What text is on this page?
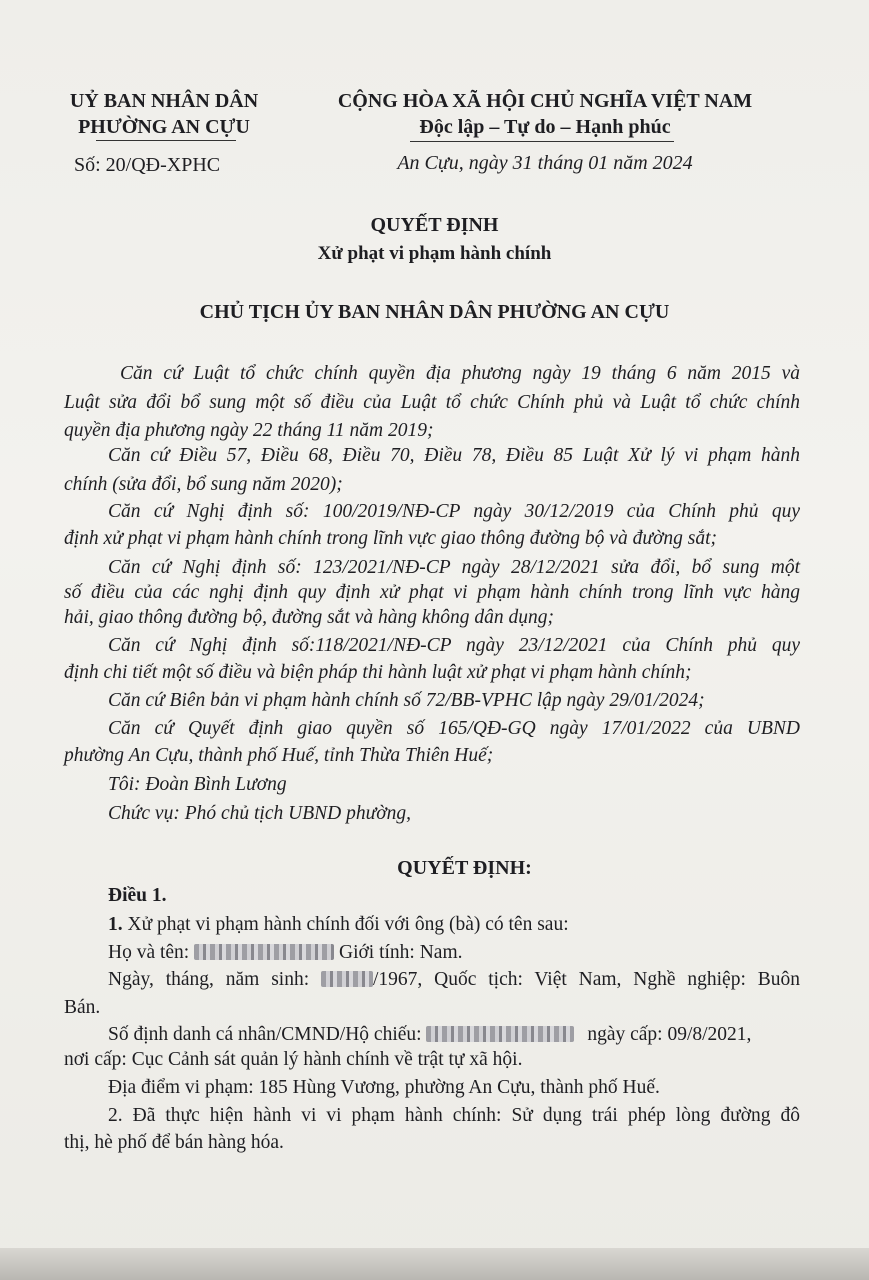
UỶ BAN NHÂN DÂN
PHƯỜNG AN CỰU
Số: 20/QĐ-XPHC
CỘNG HÒA XÃ HỘI CHỦ NGHĨA VIỆT NAM
Độc lập – Tự do – Hạnh phúc
An Cựu, ngày 31 tháng 01 năm 2024
QUYẾT ĐỊNH
Xử phạt vi phạm hành chính
CHỦ TỊCH ỦY BAN NHÂN DÂN PHƯỜNG AN CỰU
Căn cứ Luật tổ chức chính quyền địa phương ngày 19 tháng 6 năm 2015 và
Luật sửa đổi bổ sung một số điều của Luật tổ chức Chính phủ và Luật tổ chức chính
quyền địa phương ngày 22 tháng 11 năm 2019;
Căn cứ Điều 57, Điều 68, Điều 70, Điều 78, Điều 85 Luật Xử lý vi phạm hành
chính (sửa đổi, bổ sung năm 2020);
Căn cứ Nghị định số: 100/2019/NĐ-CP ngày 30/12/2019 của Chính phủ quy
định xử phạt vi phạm hành chính trong lĩnh vực giao thông đường bộ và đường sắt;
Căn cứ Nghị định số: 123/2021/NĐ-CP ngày 28/12/2021 sửa đổi, bổ sung một
số điều của các nghị định quy định xử phạt vi phạm hành chính trong lĩnh vực hàng
hải, giao thông đường bộ, đường sắt và hàng không dân dụng;
Căn cứ Nghị định số:118/2021/NĐ-CP ngày 23/12/2021 của Chính phủ quy
định chi tiết một số điều và biện pháp thi hành luật xử phạt vi phạm hành chính;
Căn cứ Biên bản vi phạm hành chính số 72/BB-VPHC lập ngày 29/01/2024;
Căn cứ Quyết định giao quyền số 165/QĐ-GQ ngày 17/01/2022 của UBND
phường An Cựu, thành phố Huế, tỉnh Thừa Thiên Huế;
Tôi: Đoàn Bình Lương
Chức vụ: Phó chủ tịch UBND phường,
QUYẾT ĐỊNH:
Điều 1.
1. Xử phạt vi phạm hành chính đối với ông (bà) có tên sau:
Họ và tên:	Giới tính: Nam.
Ngày, tháng, năm sinh:	/1967, Quốc tịch: Việt Nam, Nghề nghiệp: Buôn
Bán.
Số định danh cá nhân/CMND/Hộ chiếu:	ngày cấp: 09/8/2021,
nơi cấp: Cục Cảnh sát quản lý hành chính về trật tự xã hội.
Địa điểm vi phạm: 185 Hùng Vương, phường An Cựu, thành phố Huế.
2. Đã thực hiện hành vi vi phạm hành chính: Sử dụng trái phép lòng đường đô
thị, hè phố để bán hàng hóa.
